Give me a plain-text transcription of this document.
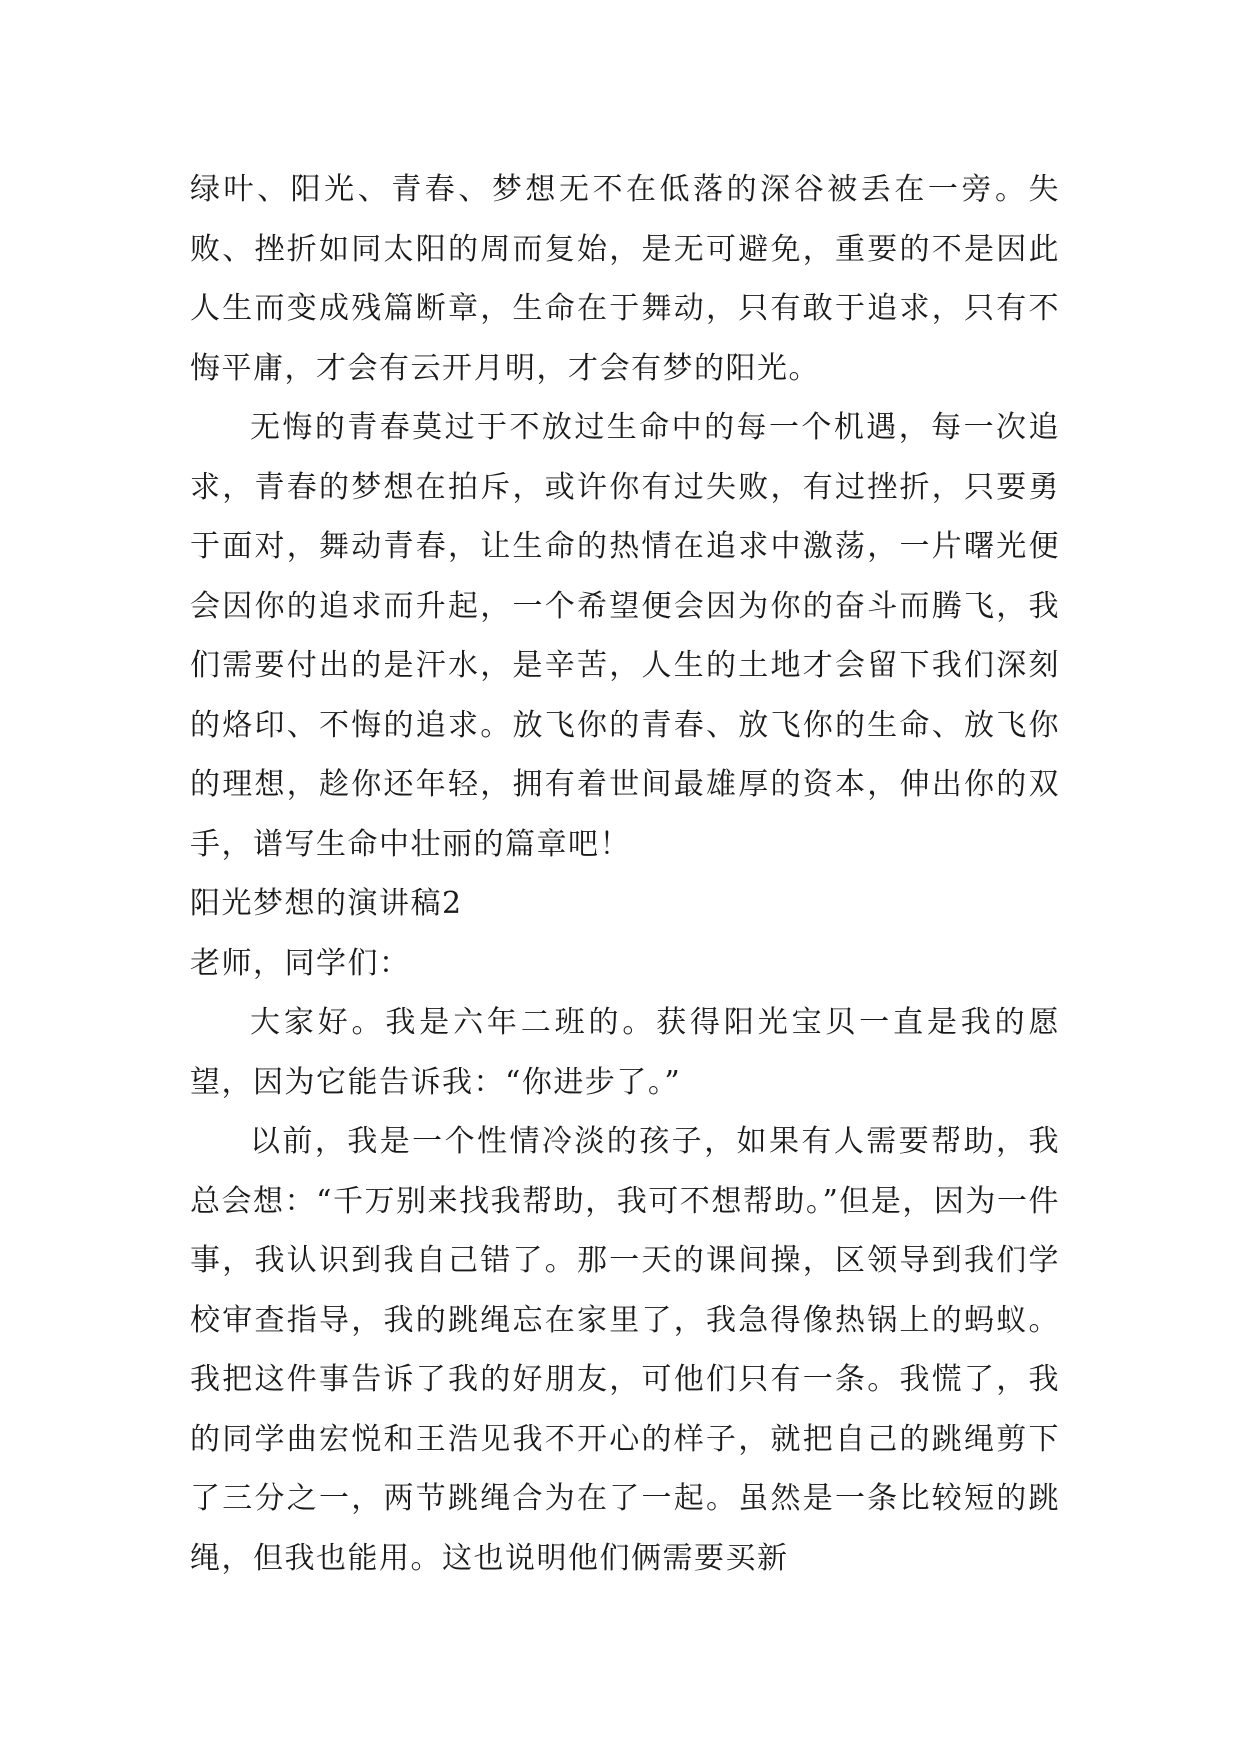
绿叶、阳光、青春、梦想无不在低落的深谷被丢在一旁。失败、挫折如同太阳的周而复始，是无可避免，重要的不是因此人生而变成残篇断章，生命在于舞动，只有敢于追求，只有不悔平庸，才会有云开月明，才会有梦的阳光。

无悔的青春莫过于不放过生命中的每一个机遇，每一次追求，青春的梦想在拍斥，或许你有过失败，有过挫折，只要勇于面对，舞动青春，让生命的热情在追求中激荡，一片曙光便会因你的追求而升起，一个希望便会因为你的奋斗而腾飞，我们需要付出的是汗水，是辛苦，人生的土地才会留下我们深刻的烙印、不悔的追求。放飞你的青春、放飞你的生命、放飞你的理想，趁你还年轻，拥有着世间最雄厚的资本，伸出你的双手，谱写生命中壮丽的篇章吧！

阳光梦想的演讲稿2

老师，同学们：

大家好。我是六年二班的。获得阳光宝贝一直是我的愿望，因为它能告诉我：“你进步了。”

以前，我是一个性情冷淡的孩子，如果有人需要帮助，我总会想：“千万别来找我帮助，我可不想帮助。”但是，因为一件事，我认识到我自己错了。那一天的课间操，区领导到我们学校审查指导，我的跳绳忘在家里了，我急得像热锅上的蚂蚁。我把这件事告诉了我的好朋友，可他们只有一条。我慌了，我的同学曲宏悦和王浩见我不开心的样子，就把自己的跳绳剪下了三分之一，两节跳绳合为在了一起。虽然是一条比较短的跳绳，但我也能用。这也说明他们俩需要买新
